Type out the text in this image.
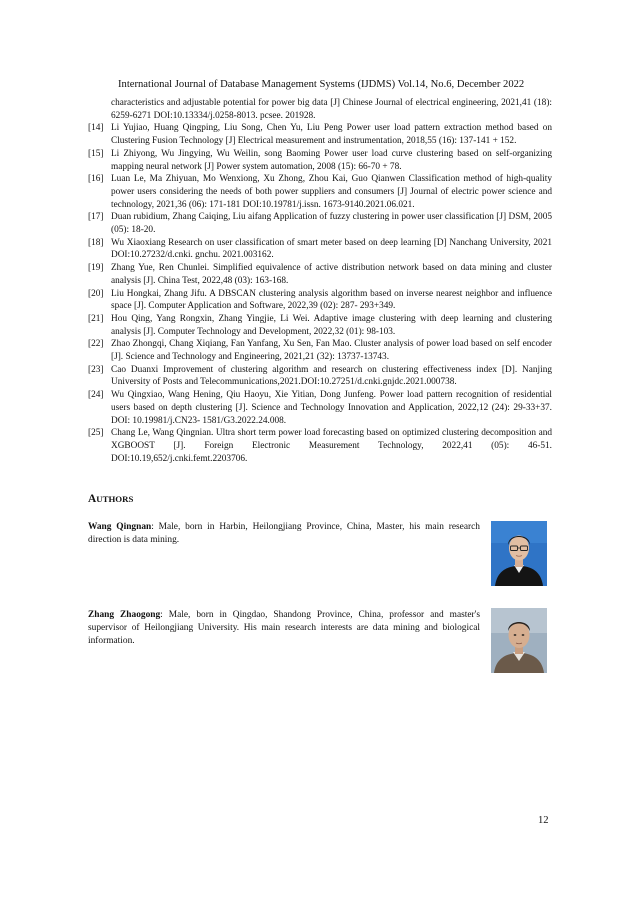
International Journal of Database Management Systems (IJDMS) Vol.14, No.6, December 2022
characteristics and adjustable potential for power big data [J] Chinese Journal of electrical engineering, 2021,41 (18): 6259-6271 DOI:10.13334/j.0258-8013. pcsee. 201928.
[14] Li Yujiao, Huang Qingping, Liu Song, Chen Yu, Liu Peng Power user load pattern extraction method based on Clustering Fusion Technology [J] Electrical measurement and instrumentation, 2018,55 (16): 137-141 + 152.
[15] Li Zhiyong, Wu Jingying, Wu Weilin, song Baoming Power user load curve clustering based on self-organizing mapping neural network [J] Power system automation, 2008 (15): 66-70 + 78.
[16] Luan Le, Ma Zhiyuan, Mo Wenxiong, Xu Zhong, Zhou Kai, Guo Qianwen Classification method of high-quality power users considering the needs of both power suppliers and consumers [J] Journal of electric power science and technology, 2021,36 (06): 171-181 DOI:10.19781/j.issn. 1673-9140.2021.06.021.
[17] Duan rubidium, Zhang Caiqing, Liu aifang Application of fuzzy clustering in power user classification [J] DSM, 2005 (05): 18-20.
[18] Wu Xiaoxiang Research on user classification of smart meter based on deep learning [D] Nanchang University, 2021 DOI:10.27232/d.cnki. gnchu. 2021.003162.
[19] Zhang Yue, Ren Chunlei. Simplified equivalence of active distribution network based on data mining and cluster analysis [J]. China Test, 2022,48 (03): 163-168.
[20] Liu Hongkai, Zhang Jifu. A DBSCAN clustering analysis algorithm based on inverse nearest neighbor and influence space [J]. Computer Application and Software, 2022,39 (02): 287- 293+349.
[21] Hou Qing, Yang Rongxin, Zhang Yingjie, Li Wei. Adaptive image clustering with deep learning and clustering analysis [J]. Computer Technology and Development, 2022,32 (01): 98-103.
[22] Zhao Zhongqi, Chang Xiqiang, Fan Yanfang, Xu Sen, Fan Mao. Cluster analysis of power load based on self encoder [J]. Science and Technology and Engineering, 2021,21 (32): 13737-13743.
[23] Cao Duanxi Improvement of clustering algorithm and research on clustering effectiveness index [D]. Nanjing University of Posts and Telecommunications,2021.DOI:10.27251/d.cnki.gnjdc.2021.000738.
[24] Wu Qingxiao, Wang Hening, Qiu Haoyu, Xie Yitian, Dong Junfeng. Power load pattern recognition of residential users based on depth clustering [J]. Science and Technology Innovation and Application, 2022,12 (24): 29-33+37. DOI: 10.19981/j.CN23- 1581/G3.2022.24.008.
[25] Chang Le, Wang Qingnian. Ultra short term power load forecasting based on optimized clustering decomposition and XGBOOST [J]. Foreign Electronic Measurement Technology, 2022,41 (05): 46-51. DOI:10.19,652/j.cnki.femt.2203706.
AUTHORS
Wang Qingnan: Male, born in Harbin, Heilongjiang Province, China, Master, his main research direction is data mining.
Zhang Zhaogong: Male, born in Qingdao, Shandong Province, China, professor and master's supervisor of Heilongjiang University. His main research interests are data mining and biological information.
12
